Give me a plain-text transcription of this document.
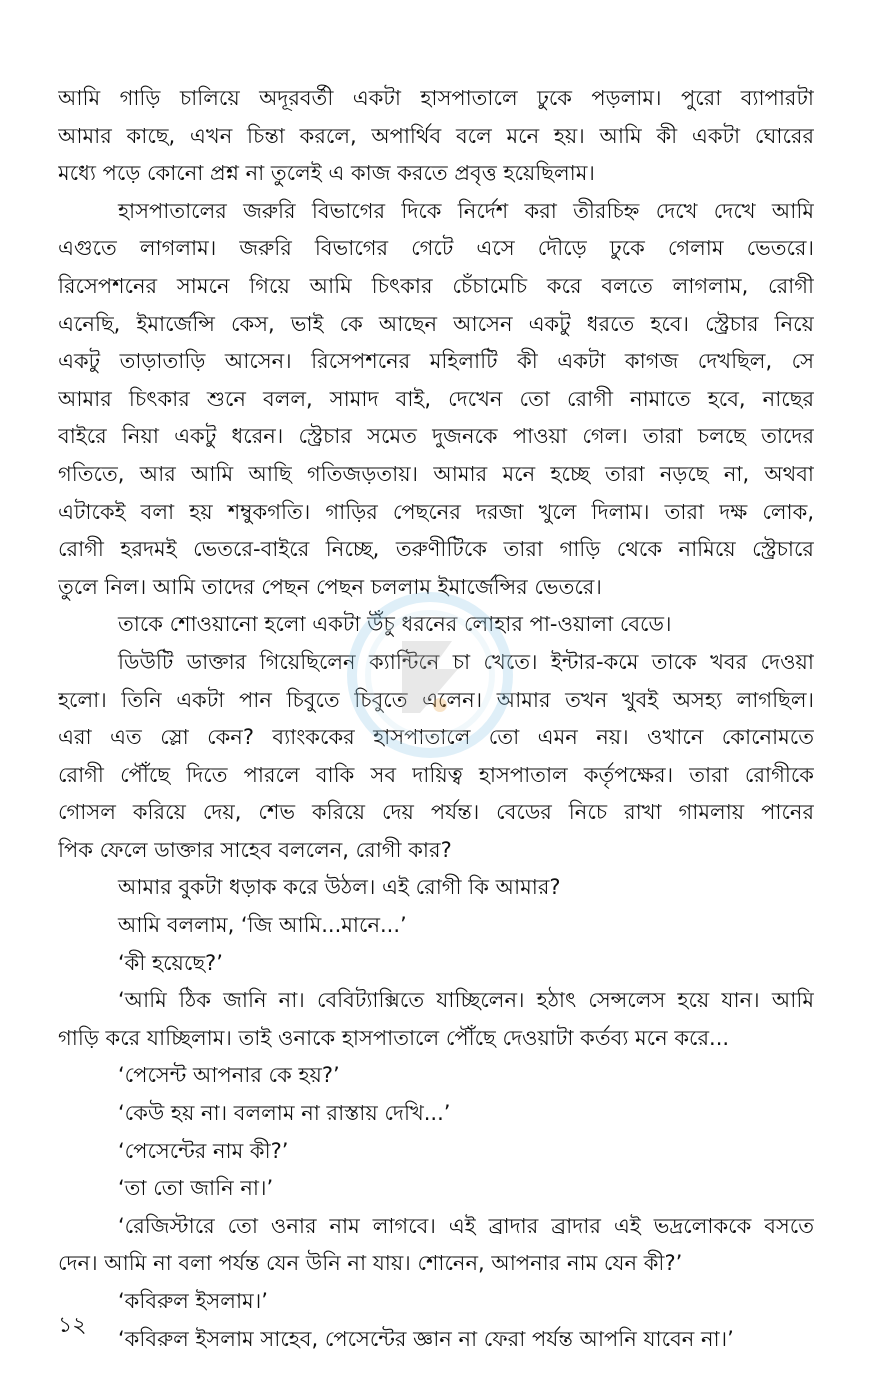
আমি গাড়ি চালিয়ে অদূরবর্তী একটা হাসপাতালে ঢুকে পড়লাম। পুরো ব্যাপারটা
আমার কাছে, এখন চিন্তা করলে, অপার্থিব বলে মনে হয়। আমি কী একটা ঘোরের
মধ্যে পড়ে কোনো প্রশ্ন না তুলেই এ কাজ করতে প্রবৃত্ত হয়েছিলাম।
হাসপাতালের জরুরি বিভাগের দিকে নির্দেশ করা তীরচিহ্ন দেখে দেখে আমি
এগুতে লাগলাম। জরুরি বিভাগের গেটে এসে দৌড়ে ঢুকে গেলাম ভেতরে।
রিসেপশনের সামনে গিয়ে আমি চিৎকার চেঁচামেচি করে বলতে লাগলাম, রোগী
এনেছি, ইমার্জেন্সি কেস, ভাই কে আছেন আসেন একটু ধরতে হবে। স্ট্রেচার নিয়ে
একটু তাড়াতাড়ি আসেন। রিসেপশনের মহিলাটি কী একটা কাগজ দেখছিল, সে
আমার চিৎকার শুনে বলল, সামাদ বাই, দেখেন তো রোগী নামাতে হবে, নাছের
বাইরে নিয়া একটু ধরেন। স্ট্রেচার সমেত দুজনকে পাওয়া গেল। তারা চলছে তাদের
গতিতে, আর আমি আছি গতিজড়তায়। আমার মনে হচ্ছে তারা নড়ছে না, অথবা
এটাকেই বলা হয় শম্বুকগতি। গাড়ির পেছনের দরজা খুলে দিলাম। তারা দক্ষ লোক,
রোগী হরদমই ভেতরে-বাইরে নিচ্ছে, তরুণীটিকে তারা গাড়ি থেকে নামিয়ে স্ট্রেচারে
তুলে নিল। আমি তাদের পেছন পেছন চললাম ইমার্জেন্সির ভেতরে।
তাকে শোওয়ানো হলো একটা উঁচু ধরনের লোহার পা-ওয়ালা বেডে।
ডিউটি ডাক্তার গিয়েছিলেন ক্যান্টিনে চা খেতে। ইন্টার-কমে তাকে খবর দেওয়া
হলো। তিনি একটা পান চিবুতে চিবুতে এলেন। আমার তখন খুবই অসহ্য লাগছিল।
এরা এত স্লো কেন? ব্যাংককের হাসপাতালে তো এমন নয়। ওখানে কোনোমতে
রোগী পৌঁছে দিতে পারলে বাকি সব দায়িত্ব হাসপাতাল কর্তৃপক্ষের। তারা রোগীকে
গোসল করিয়ে দেয়, শেভ করিয়ে দেয় পর্যন্ত। বেডের নিচে রাখা গামলায় পানের
পিক ফেলে ডাক্তার সাহেব বললেন, রোগী কার?
আমার বুকটা ধড়াক করে উঠল। এই রোগী কি আমার?
আমি বললাম, ‘জি আমি...মানে...’
‘কী হয়েছে?’
‘আমি ঠিক জানি না। বেবিট্যাক্সিতে যাচ্ছিলেন। হঠাৎ সেন্সলেস হয়ে যান। আমি
গাড়ি করে যাচ্ছিলাম। তাই ওনাকে হাসপাতালে পৌঁছে দেওয়াটা কর্তব্য মনে করে...
‘পেসেন্ট আপনার কে হয়?’
‘কেউ হয় না। বললাম না রাস্তায় দেখি...’
‘পেসেন্টের নাম কী?’
‘তা তো জানি না।’
‘রেজিস্টারে তো ওনার নাম লাগবে। এই ব্রাদার ব্রাদার এই ভদ্রলোককে বসতে
দেন। আমি না বলা পর্যন্ত যেন উনি না যায়। শোনেন, আপনার নাম যেন কী?’
‘কবিরুল ইসলাম।’
‘কবিরুল ইসলাম সাহেব, পেসেন্টের জ্ঞান না ফেরা পর্যন্ত আপনি যাবেন না।’
১২
